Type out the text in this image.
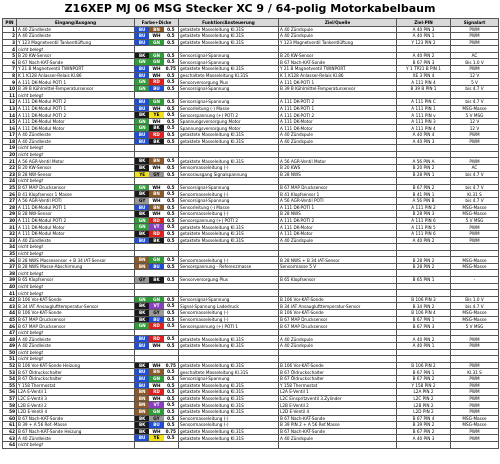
Z16XEP MJ 06 MSG Stecker XC 9 / 64-polig Motorkabelbaum
PIN	Eingang/Ausgang	Farbe+Dicke	Funktion/Ansteuerung	Ziel/Quelle	Ziel-PIN	Signalart
1	A 40 Zündleiste	BU BN 0.5	getaktete Masseleitung Kl.31S	A 40 Zündspule	A 40 PIN 3	PWM
2	A 40 Zündleiste	BU WH 0.5	getaktete Masseleitung Kl.31S	A 40 Zündspule	A 40 PIN 1	PWM
3	Y 123 Magnetventil Tankentlüftung	BU GN 0.5	getaktete Masseleitung Kl.31S	Y 123 Magnetventil Tankentlüftung	Y 123 PIN 2	PWM
4	nicht belegt	

5	B 20 KW-Sensor	BK GN 0.5	Sensorsignal-Spannung	B 20 KW-Sensor	A 40 PIN 2	AC
6	B 67 Nach-KAT-Sonde	GN GN 0.5	Sensorsignal-Spannung	B 67 Nach-KAT-Sonde	B 67 PIN 3	Bis 1.0 V
7	Y 21 B Magnetventil TWINPORT	BU WH 0.75	getaktete Masseleitung Kl.31S	Y 21 B Magnetventil TWINPORT	Y 1 TP21 B PIN 1	PWM
8	K 1 K128 Anlasser-Relais Kl.86	BU WH 0.5	geschaltete Masseleitung Kl.31S	K 1 K128 Anlasser-Relais Kl.86	XE 3 PIN 4	12 V
9	A 111 DK-Modul POTI 1	GN RD 0.5	Sensorversorgung Plus	A 111 DK-POTI 1	A 111 PIN 4	5 V
10	B 39 B Kühlmittel-Temperatursensor	GN BU 0.5	Sensorsignal-Spannung	B 39 B Kühlmittel-Temperatursensor	B 39 B PIN 1	bis 4.7 V
11	nicht belegt	

12	A 111 DK-Modul POTI 2	BU GN 0.5	Sensorsignal-Spannung	A 111 DK-POTI 2	A 111 PIN C	bis 4.7 V
13	A 111 DK-Modul POTI 1	BU WH 0.5	Sensorleitung (-) Masse	A 111 DK-POTI 1	A 111 PIN 1	MSG-Masse
14	A 111 DK-Modul POTI 2	BK YE 0.5	Sensorspannung (+) POTI 2	A 111 DK-POTI 2	A 111 PIN v	5 V MSG
15	A 111 DK-Modul Motor	GN WH 0.5	Spannungsversorgung Motor	A 111 DK-Motor	A 111 PIN 3	12 V
16	A 111 DK-Modul Motor	GN BK 0.5	Spannungsversorgung Motor	A 111 DK-Motor	A 111 PIN 4	12 V
17	A 40 Zündleiste	BU RD 0.5	getaktete Masseleitung Kl.31S	A 40 Zündspule	A 40 PIN 4	PWM
18	A 40 Zündleiste	BU BK 0.5	getaktete Masseleitung Kl.31S	A 40 Zündspule	A 40 PIN 3	PWM
19	nicht belegt	

20	nicht belegt	

21	A 56 AGR-Ventil Motor	BK BN 0.5	getaktete Masseleitung Kl.31S	A 56 AGR-Ventil Motor	A 56 PIN A	PWM
22	B 20 KW-Sensor	BK WH 0.5	Sensormasseleitung (-)	B 20 KWS	B 20 PIN 2	AC
23	B 28 NW-Sensor	YE GY 0.5	Sensorausgang Signalspannung	B 28 NWS	B 28 PIN 1	bis 4.7 V
24	nicht belegt	

25	B 67 MAP Drucksensor	GN WH 0.5	Sensorsignal-Spannung	B 67 MAP Drucksensor	B 67 PIN 2	bis 4.7 V
26	B 41 Klopfsensor 1 Masse	BK BN 0.5	Sensormasseleitung (-)	B 41 Klopfsensor 1	B 41 PIN 1	Kl.31 S
27	A 56 AGR-Ventil POTI	GY WH 0.5	Sensorsignal-Spannung	A 56 AGR-Ventil POTI	A 56 PIN B	bis 4.7 V
28	A 111 DK-Modul POTI 1	BU BN 0.5	Sensorleitung (-) Masse	A 111 DK-POTI 1	A 111 PIN 2	MSG-Masse
29	B 28 NW-Sensor	BK WH 0.5	Sensormasseleitung (-)	B 28 NWS	B 28 PIN 3	MSG-Masse
30	A 111 DK-Modul POTI 2	GN RD 0.5	Sensorspannung (+) POTI 2	A 111 DK-POTI 2	A 111 PIN 6	5 V MSG
31	A 111 DK-Modul Motor	GN VT 0.5	getaktete Masseleitung Kl.31S	A 111 DK-Motor	A 111 PIN 5	PWM
32	A 111 DK-Modul Motor	BK RD 0.5	getaktete Masseleitung Kl.31S	A 111 DK-Motor	A 111 PIN 6	PWM
33	A 40 Zündleiste	BU BK 0.5	getaktete Masseleitung Kl.31S	A 40 Zündspule	A 40 PIN 2	PWM
34	nicht belegt	

35	nicht belegt	

36	B 28 NWS Massesensor + B 34 IAT-Sensor	BN GN 0.5	Sensormasseleitung (-)	B 28 NWS + B 34 IAT-Sensor	B 28 PIN 2	MSG-Masse
37	B 28 NWS Masse-Abschirmung	BN BU 0.5	Sensorspannung - Referenzmasse	Sensormasse 5 V	B 28 PIN 2	MSG-Masse
38	nicht belegt	

39	B 65 Klopfsensor	GY BK 0.5	Sensorversorgung Plus	B 65 Klopfsensor	B 65 PIN 1	-
40	nicht belegt	

41	nicht belegt	

42	B 106 Vor-KAT-Sonde	GN GN 0.5	Sensorsignal-Spannung	B 106 Vor-KAT-Sonde	B 106 PIN 3	Bis 1.0 V
43	B 34 IAT Ansauglufttemperatur-Sensor	BK VT 0.5	Signal-Spannung Ladedruck	B 34 IAT Ansauglufttemperatur-Sensor	B 34 PIN 2	bis 4.7 V
44	B 106 Vor-KAT-Sonde	BK GY 0.5	Sensormasseleitung (-)	B 106 Vor-KAT-Sonde	B 106 PIN 4	MSG-Masse
45	B 67 MAP Drucksensor	BK BU 0.5	Sensormasseleitung (-)	B 67 MAP Drucksensor	B 67 PIN 1	MSG-Masse
46	B 67 MAP Drucksensor	GN RD 0.5	Sensorspannung (+) POTI 1	B 67 MAP Drucksensor	B 67 PIN 3	5 V MSG
47	nicht belegt	

48	A 40 Zündleiste	BU RD 0.5	getaktete Masseleitung Kl.31S	A 40 Zündspule	A 40 PIN 2	PWM
49	A 40 Zündleiste	BU WH 0.5	getaktete Masseleitung Kl.31S	A 40 Zündspule	A 40 PIN 1	PWM
50	nicht belegt	

51	nicht belegt	

52	B 106 Vor-KAT-Sonde Heizung	BK WH 0.75	getaktete Masseleitung Kl.31S	B 106 Vor-KAT-Sonde	B 106 PIN 2	PWM
53	B 67 Öldruckschalter	BU BN 0.5	geschaltete Masseleitung Kl.31S	B 67 Öldruckschalter	B 67 PIN 1	Kl.31 S
54	B 67 Öldruckschalter	BU GN 0.5	Sensorsignal-Spannung	B 67 Öldruckschalter	B 67 PIN 2	PWM
55	Y 158 Thermostat	BU WH 0.5	getaktete Masseleitung Kl.31S	Y 158 Thermostat	Y 158 PIN 2	PWM
56	L2A E-Ventil 1	BN RD 0.5	getaktete Masseleitung Kl.31S	L2A E-Ventil 1	L2A PIN 2	PWM
57	L2C E-Ventil 3	BN WH 0.5	getaktete Masseleitung Kl.31S	L2C Einspritzventil 3.Zylinder	L2C PIN 2	PWM
58	L2B E-Ventil 2	BN VT 0.5	getaktete Masseleitung Kl.31S	L2B E-Ventil 2	L2B PIN 2	PWM
59	L2D E-Ventil 4	BN GN 0.5	getaktete Masseleitung Kl.31S	L2D E-Ventil 4	L2D PIN 2	PWM
60	B 67 Nach-KAT-Sonde	BK GY 0.5	Sensormasseleitung (-)	B 67 Nach-KAT-Sonde	B 67 PIN 4	MSG-Masse
61	B 39 + A 56 Ref.-Masse	BK BU 0.5	Sensormasseleitung (-)	B 39 PIN 2 + A 56 Ref.Masse	B 39 PIN 2	MSG-Masse
62	B 67 Nach-KAT-Sonde Heizung	BK WH 0.75	getaktete Masseleitung Kl.31S	B 67 Nach-KAT-Sonde	B 67 PIN 2	PWM
63	A 40 Zündleiste	BU YE 0.5	getaktete Masseleitung Kl.31S	A 40 Zündspule	A 40 PIN 3	PWM
64	nicht belegt	
